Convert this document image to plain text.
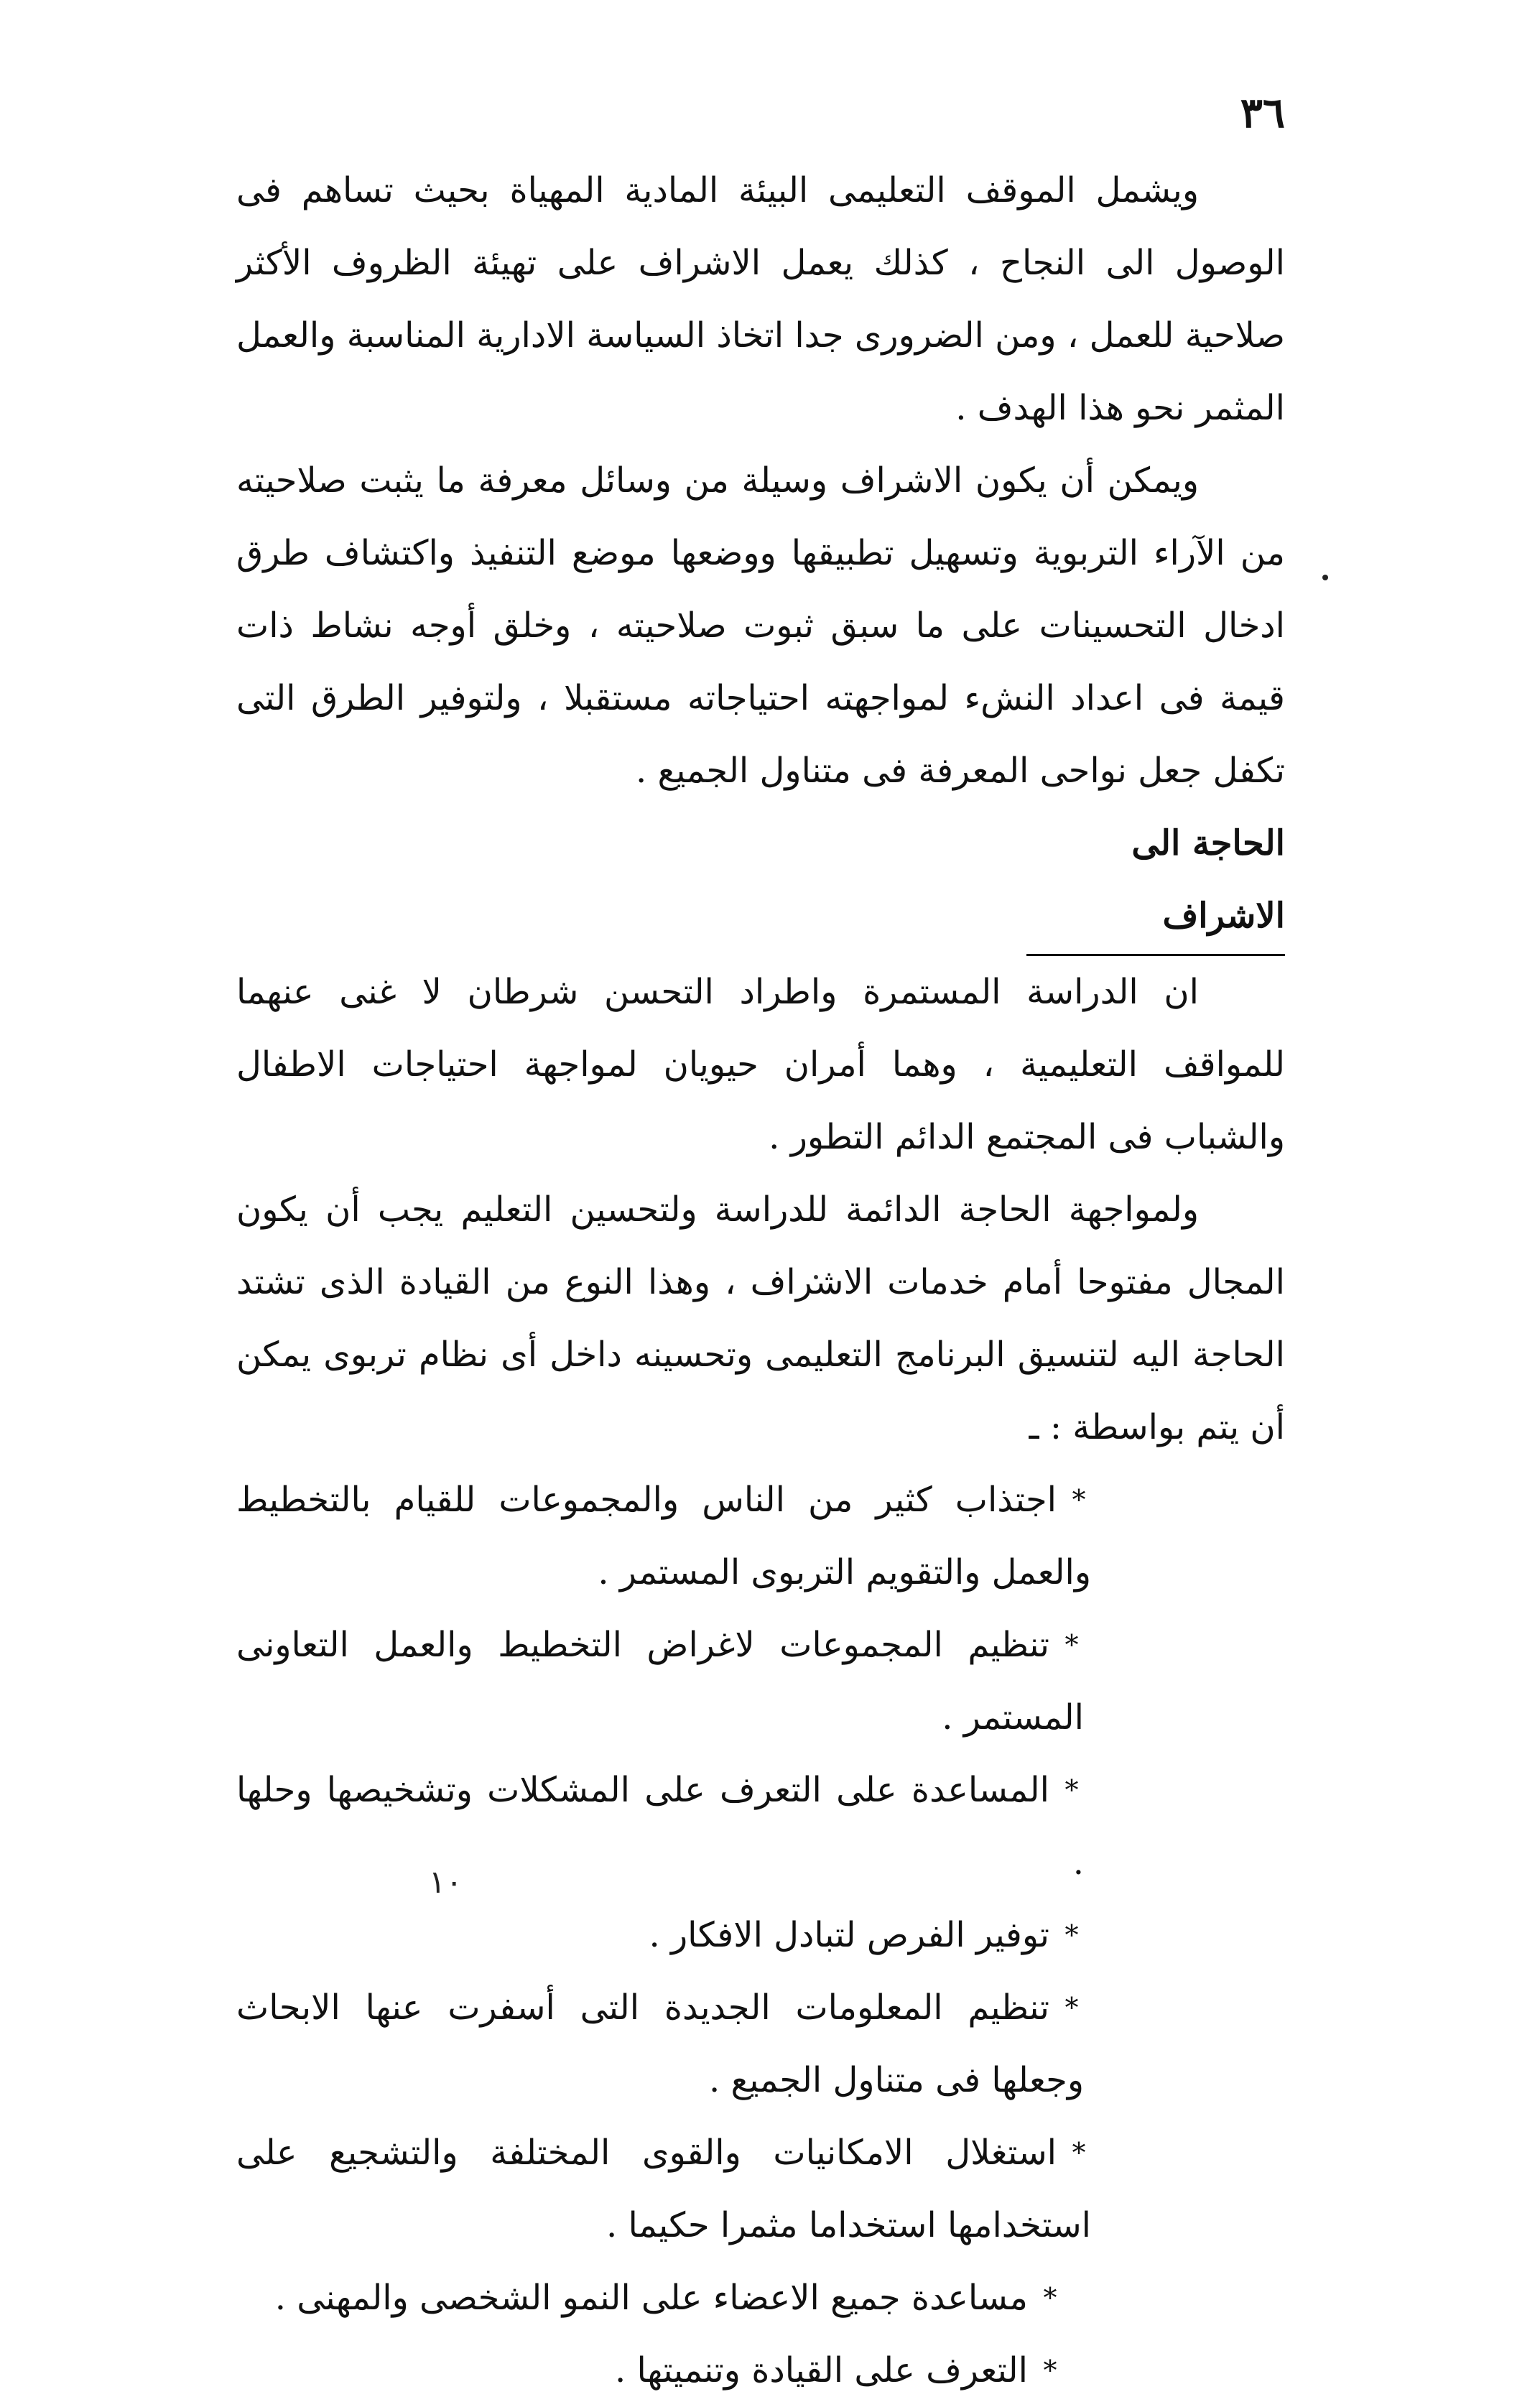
٣٦
١٠

ويشمل الموقف التعليمى البيئة المادية المهياة بحيث تساهم فى الوصول الى النجاح ، كذلك يعمل الاشراف على تهيئة الظروف الأكثر صلاحية للعمل ، ومن الضرورى جدا اتخاذ السياسة الادارية المناسبة والعمل المثمر نحو هذا الهدف .

ويمكن أن يكون الاشراف وسيلة من وسائل معرفة ما يثبت صلاحيته من الآراء التربوية وتسهيل تطبيقها ووضعها موضع التنفيذ واكتشاف طرق ادخال التحسينات على ما سبق ثبوت صلاحيته ، وخلق أوجه نشاط ذات قيمة فى اعداد النشء لمواجهته احتياجاته مستقبلا ، ولتوفير الطرق التى تكفل جعل نواحى المعرفة فى متناول الجميع .

الحاجة الى الاشراف

ان الدراسة المستمرة واطراد التحسن شرطان لا غنى عنهما للمواقف التعليمية ، وهما أمران حيويان لمواجهة احتياجات الاطفال والشباب فى المجتمع الدائم التطور .

ولمواجهة الحاجة الدائمة للدراسة ولتحسين التعليم يجب أن يكون المجال مفتوحا أمام خدمات الاشراف ، وهذا النوع من القيادة الذى تشتد الحاجة اليه لتنسيق البرنامج التعليمى وتحسينه داخل أى نظام تربوى يمكن أن يتم بواسطة : ـ

*اجتذاب كثير من الناس والمجموعات للقيام بالتخطيط والعمل والتقويم التربوى المستمر .

*تنظيم المجموعات لاغراض التخطيط والعمل التعاونى المستمر .

*المساعدة على التعرف على المشكلات وتشخيصها وحلها .

*توفير الفرص لتبادل الافكار .

*تنظيم المعلومات الجديدة التى أسفرت عنها الابحاث وجعلها فى متناول الجميع .

*استغلال الامكانيات والقوى المختلفة والتشجيع على استخدامها استخداما مثمرا حكيما .

*مساعدة جميع الاعضاء على النمو الشخصى والمهنى .

*التعرف على القيادة وتنميتها .
